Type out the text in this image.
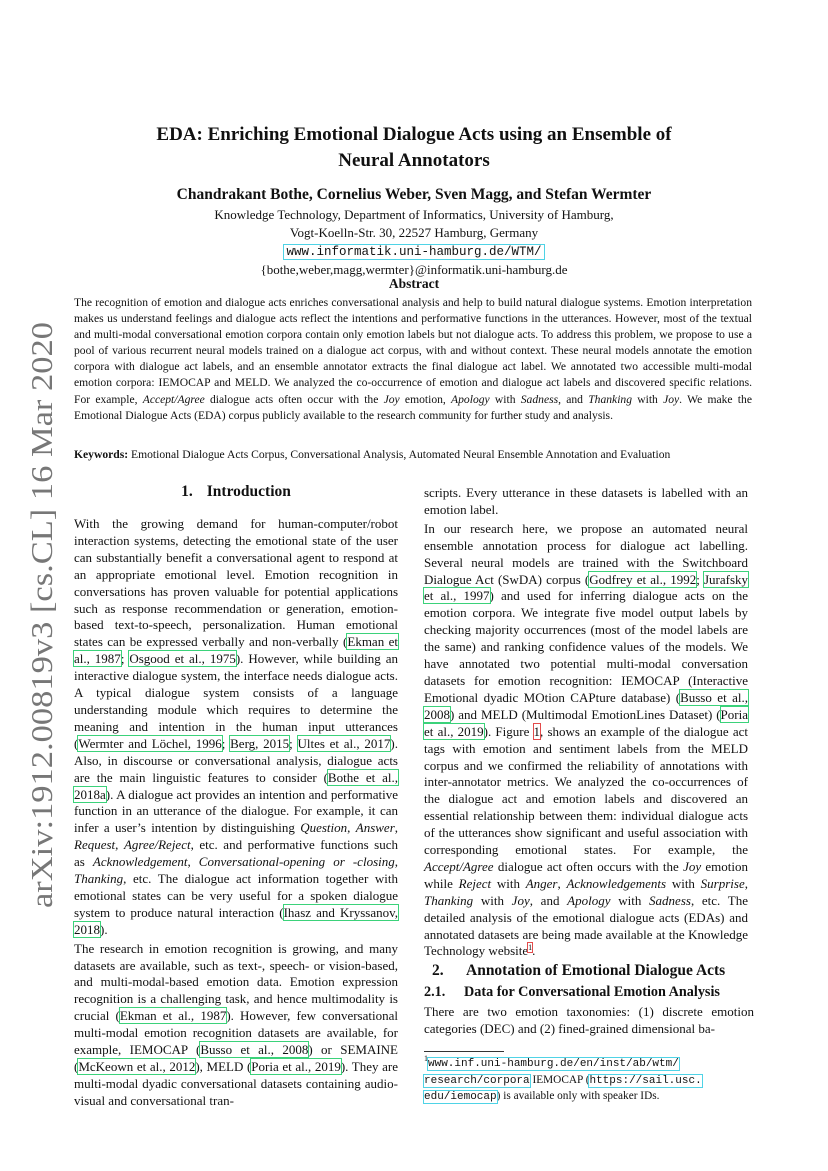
arXiv:1912.00819v3 [cs.CL] 16 Mar 2020
EDA: Enriching Emotional Dialogue Acts using an Ensemble of
Neural Annotators
Chandrakant Bothe, Cornelius Weber, Sven Magg, and Stefan Wermter
Knowledge Technology, Department of Informatics, University of Hamburg,
Vogt-Koelln-Str. 30, 22527 Hamburg, Germany
www.informatik.uni-hamburg.de/WTM/
{bothe,weber,magg,wermter}@informatik.uni-hamburg.de
Abstract
The recognition of emotion and dialogue acts enriches conversational analysis and help to build natural dialogue systems. Emotion interpretation makes us understand feelings and dialogue acts reflect the intentions and performative functions in the utterances. However, most of the textual and multi-modal conversational emotion corpora contain only emotion labels but not dialogue acts. To address this problem, we propose to use a pool of various recurrent neural models trained on a dialogue act corpus, with and without context. These neural models annotate the emotion corpora with dialogue act labels, and an ensemble annotator extracts the final dialogue act label. We annotated two accessible multi-modal emotion corpora: IEMOCAP and MELD. We analyzed the co-occurrence of emotion and dialogue act labels and discovered specific relations. For example, Accept/Agree dialogue acts often occur with the Joy emotion, Apology with Sadness, and Thanking with Joy. We make the Emotional Dialogue Acts (EDA) corpus publicly available to the research community for further study and analysis.
Keywords: Emotional Dialogue Acts Corpus, Conversational Analysis, Automated Neural Ensemble Annotation and Evaluation
1. Introduction

With the growing demand for human-computer/robot interaction systems, detecting the emotional state of the user can substantially benefit a conversational agent to respond at an appropriate emotional level. Emotion recognition in conversations has proven valuable for potential applications such as response recommendation or generation, emotion-based text-to-speech, personalization. Human emotional states can be expressed verbally and non-verbally (Ekman et al., 1987; Osgood et al., 1975). However, while building an interactive dialogue system, the interface needs dialogue acts. A typical dialogue system consists of a language understanding module which requires to determine the meaning and intention in the human input utterances (Wermter and Löchel, 1996; Berg, 2015; Ultes et al., 2017). Also, in discourse or conversational analysis, dialogue acts are the main linguistic features to consider (Bothe et al., 2018a). A dialogue act provides an intention and performative function in an utterance of the dialogue. For example, it can infer a user’s intention by distinguishing Question, Answer, Request, Agree/Reject, etc. and performative functions such as Acknowledgement, Conversational-opening or -closing, Thanking, etc. The dialogue act information together with emotional states can be very useful for a spoken dialogue system to produce natural interaction (Ihasz and Kryssanov, 2018).

The research in emotion recognition is growing, and many datasets are available, such as text-, speech- or vision-based, and multi-modal-based emotion data. Emotion expression recognition is a challenging task, and hence multimodality is crucial (Ekman et al., 1987). However, few conversational multi-modal emotion recognition datasets are available, for example, IEMOCAP (Busso et al., 2008) or SEMAINE (McKeown et al., 2012), MELD (Poria et al., 2019). They are multi-modal dyadic conversational datasets containing audio-visual and conversational tran-

scripts. Every utterance in these datasets is labelled with an emotion label.

In our research here, we propose an automated neural ensemble annotation process for dialogue act labelling. Several neural models are trained with the Switchboard Dialogue Act (SwDA) corpus (Godfrey et al., 1992; Jurafsky et al., 1997) and used for inferring dialogue acts on the emotion corpora. We integrate five model output labels by checking majority occurrences (most of the model labels are the same) and ranking confidence values of the models. We have annotated two potential multi-modal conversation datasets for emotion recognition: IEMOCAP (Interactive Emotional dyadic MOtion CAPture database) (Busso et al., 2008) and MELD (Multimodal EmotionLines Dataset) (Poria et al., 2019). Figure 1, shows an example of the dialogue act tags with emotion and sentiment labels from the MELD corpus and we confirmed the reliability of annotations with inter-annotator metrics. We analyzed the co-occurrences of the dialogue act and emotion labels and discovered an essential relationship between them: individual dialogue acts of the utterances show significant and useful association with corresponding emotional states. For example, the Accept/Agree dialogue act often occurs with the Joy emotion while Reject with Anger, Acknowledgements with Surprise, Thanking with Joy, and Apology with Sadness, etc. The detailed analysis of the emotional dialogue acts (EDAs) and annotated datasets are being made available at the Knowledge Technology website$^1$.

2. Annotation of Emotional Dialogue Acts
2.1. Data for Conversational Emotion Analysis
There are two emotion taxonomies: (1) discrete emotion categories (DEC) and (2) fined-grained dimensional ba-
$^1$www.inf.uni-hamburg.de/en/inst/ab/wtm/
research/corpora IEMOCAP (https://sail.usc.
edu/iemocap) is available only with speaker IDs.
